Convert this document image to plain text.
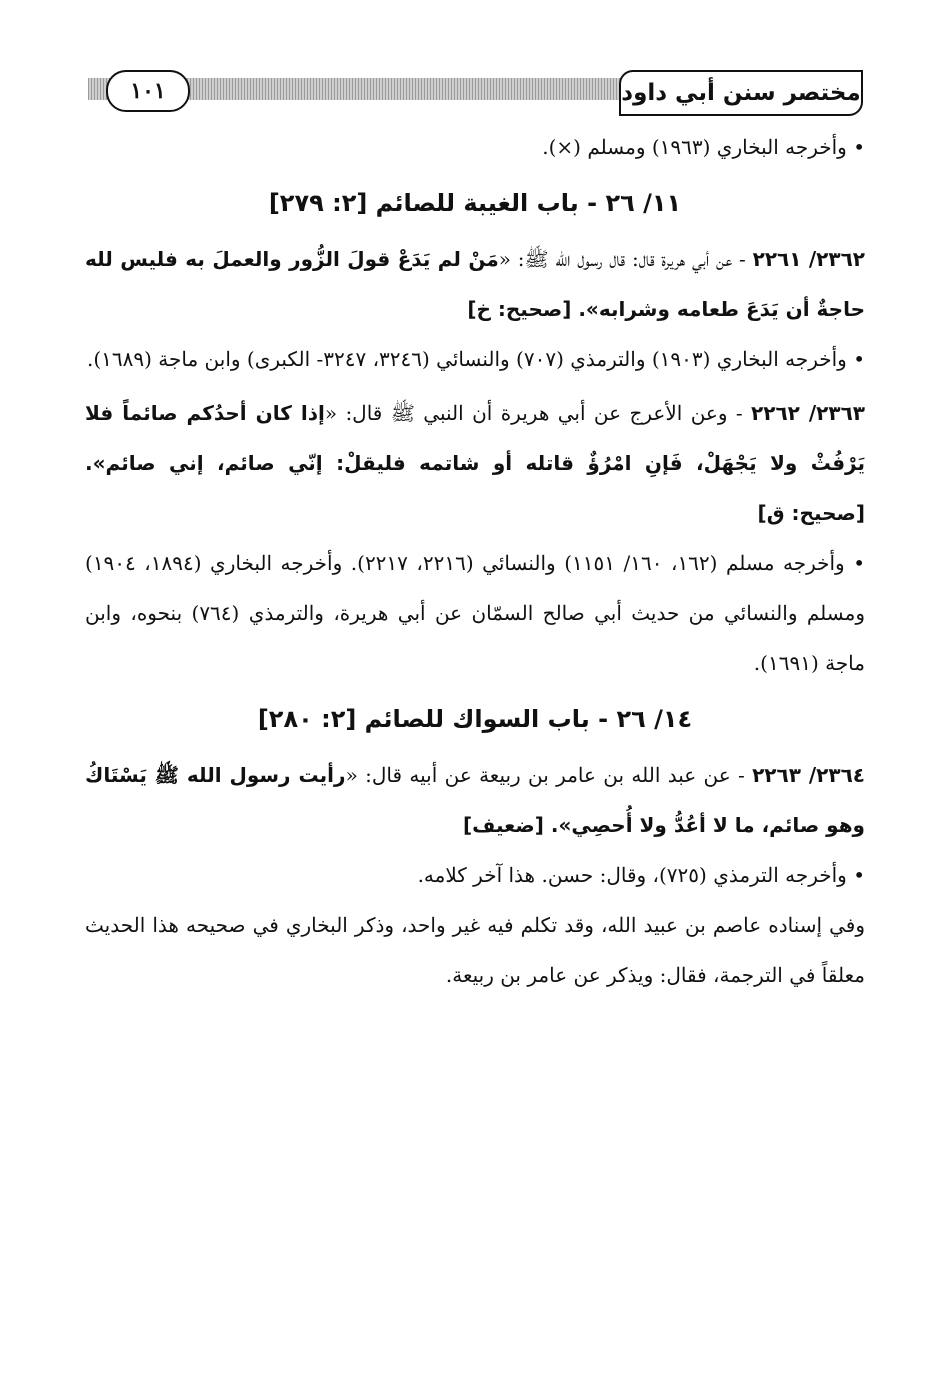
١٠١	مختصر سنن أبي داود

• وأخرجه البخاري (١٩٦٣) ومسلم (×).

١١/ ٢٦ - باب الغيبة للصائم [٢: ٢٧٩]

٢٣٦٢/ ٢٢٦١ - عن أبي هريرة قال: قال رسول الله ﷺ: «مَنْ لم يَدَعْ قولَ الزُّور والعملَ به فليس لله حاجةٌ أن يَدَعَ طعامه وشرابه». [صحيح: خ]

• وأخرجه البخاري (١٩٠٣) والترمذي (٧٠٧) والنسائي (٣٢٤٦، ٣٢٤٧- الكبرى) وابن ماجة (١٦٨٩).

٢٣٦٣/ ٢٢٦٢ - وعن الأعرج عن أبي هريرة أن النبي ﷺ قال: «إذا كان أحدُكم صائماً فلا يَرْفُثْ ولا يَجْهَلْ، فَإنِ امْرُؤٌ قاتله أو شاتمه فليقلْ: إنّي صائم، إني صائم». [صحيح: ق]

• وأخرجه مسلم (١٦٢، ١٦٠/ ١١٥١) والنسائي (٢٢١٦، ٢٢١٧). وأخرجه البخاري (١٨٩٤، ١٩٠٤) ومسلم والنسائي من حديث أبي صالح السمّان عن أبي هريرة، والترمذي (٧٦٤) بنحوه، وابن ماجة (١٦٩١).

١٤/ ٢٦ - باب السواك للصائم [٢: ٢٨٠]

٢٣٦٤/ ٢٢٦٣ - عن عبد الله بن عامر بن ربيعة عن أبيه قال: «رأيت رسول الله ﷺ يَسْتَاكُ وهو صائم، ما لا أعُدُّ ولا أُحصِي». [ضعيف]

• وأخرجه الترمذي (٧٢٥)، وقال: حسن. هذا آخر كلامه.

وفي إسناده عاصم بن عبيد الله، وقد تكلم فيه غير واحد، وذكر البخاري في صحيحه هذا الحديث معلقاً في الترجمة، فقال: ويذكر عن عامر بن ربيعة.
